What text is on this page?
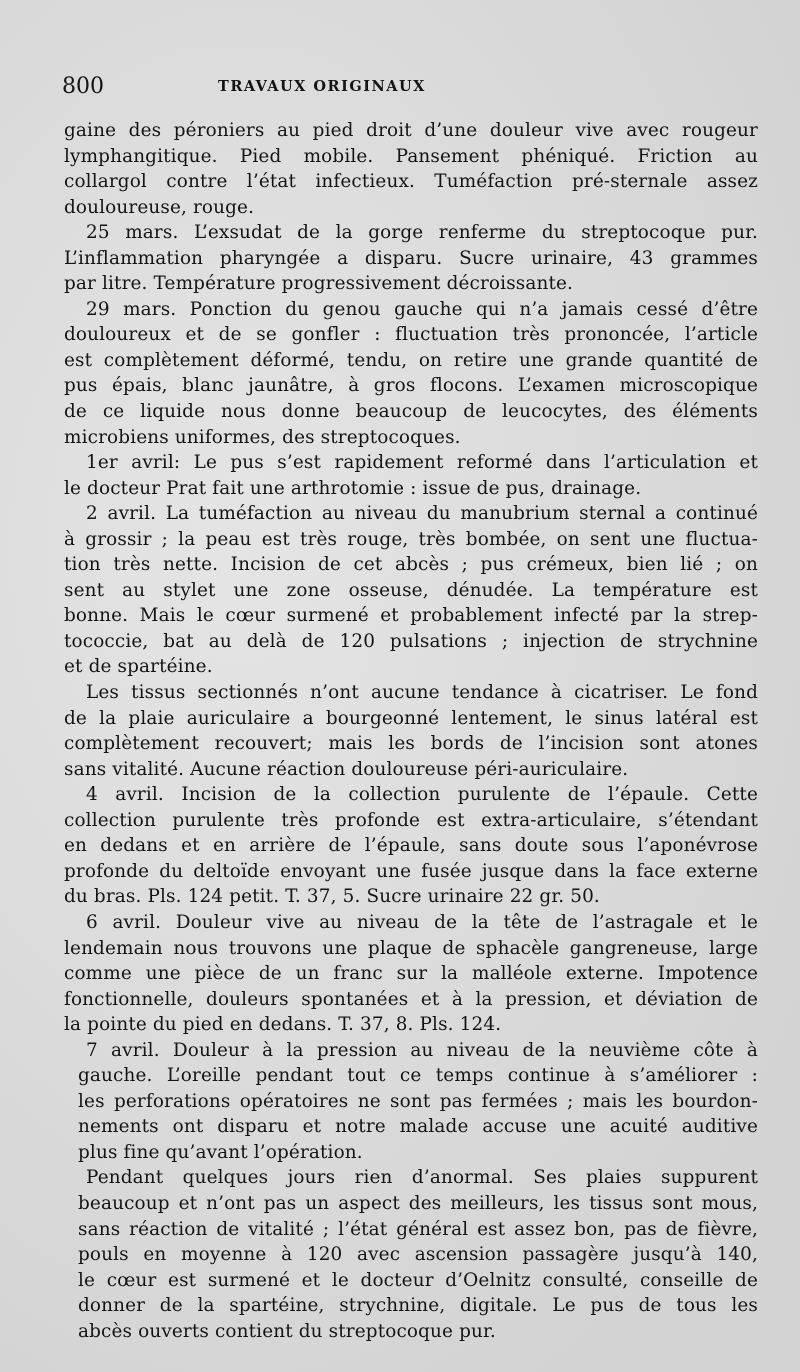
800	TRAVAUX ORIGINAUX
gaine des péroniers au pied droit d’une douleur vive avec rougeur
lymphangitique. Pied mobile. Pansement phéniqué. Friction au
collargol contre l’état infectieux. Tuméfaction pré-sternale assez
douloureuse, rouge.
25 mars. L’exsudat de la gorge renferme du streptocoque pur.
L’inflammation pharyngée a disparu. Sucre urinaire, 43 grammes
par litre. Température progressivement décroissante.
29 mars. Ponction du genou gauche qui n’a jamais cessé d’être
douloureux et de se gonfler : fluctuation très prononcée, l’article
est complètement déformé, tendu, on retire une grande quantité de
pus épais, blanc jaunâtre, à gros flocons. L’examen microscopique
de ce liquide nous donne beaucoup de leucocytes, des éléments
microbiens uniformes, des streptocoques.
1er avril: Le pus s’est rapidement reformé dans l’articulation et
le docteur Prat fait une arthrotomie : issue de pus, drainage.
2 avril. La tuméfaction au niveau du manubrium sternal a continué
à grossir ; la peau est très rouge, très bombée, on sent une fluctua-
tion très nette. Incision de cet abcès ; pus crémeux, bien lié ; on
sent au stylet une zone osseuse, dénudée. La température est
bonne. Mais le cœur surmené et probablement infecté par la strep-
tococcie, bat au delà de 120 pulsations ; injection de strychnine
et de spartéine.
Les tissus sectionnés n’ont aucune tendance à cicatriser. Le fond
de la plaie auriculaire a bourgeonné lentement, le sinus latéral est
complètement recouvert; mais les bords de l’incision sont atones
sans vitalité. Aucune réaction douloureuse péri-auriculaire.
4 avril. Incision de la collection purulente de l’épaule. Cette
collection purulente très profonde est extra-articulaire, s’étendant
en dedans et en arrière de l’épaule, sans doute sous l’aponévrose
profonde du deltoïde envoyant une fusée jusque dans la face externe
du bras. Pls. 124 petit. T. 37, 5. Sucre urinaire 22 gr. 50.
6 avril. Douleur vive au niveau de la tête de l’astragale et le
lendemain nous trouvons une plaque de sphacèle gangreneuse, large
comme une pièce de un franc sur la malléole externe. Impotence
fonctionnelle, douleurs spontanées et à la pression, et déviation de
la pointe du pied en dedans. T. 37, 8. Pls. 124.
7 avril. Douleur à la pression au niveau de la neuvième côte à
gauche. L’oreille pendant tout ce temps continue à s’améliorer :
les perforations opératoires ne sont pas fermées ; mais les bourdon-
nements ont disparu et notre malade accuse une acuité auditive
plus fine qu’avant l’opération.
Pendant quelques jours rien d’anormal. Ses plaies suppurent
beaucoup et n’ont pas un aspect des meilleurs, les tissus sont mous,
sans réaction de vitalité ; l’état général est assez bon, pas de fièvre,
pouls en moyenne à 120 avec ascension passagère jusqu’à 140,
le cœur est surmené et le docteur d’Oelnitz consulté, conseille de
donner de la spartéine, strychnine, digitale. Le pus de tous les
abcès ouverts contient du streptocoque pur.
